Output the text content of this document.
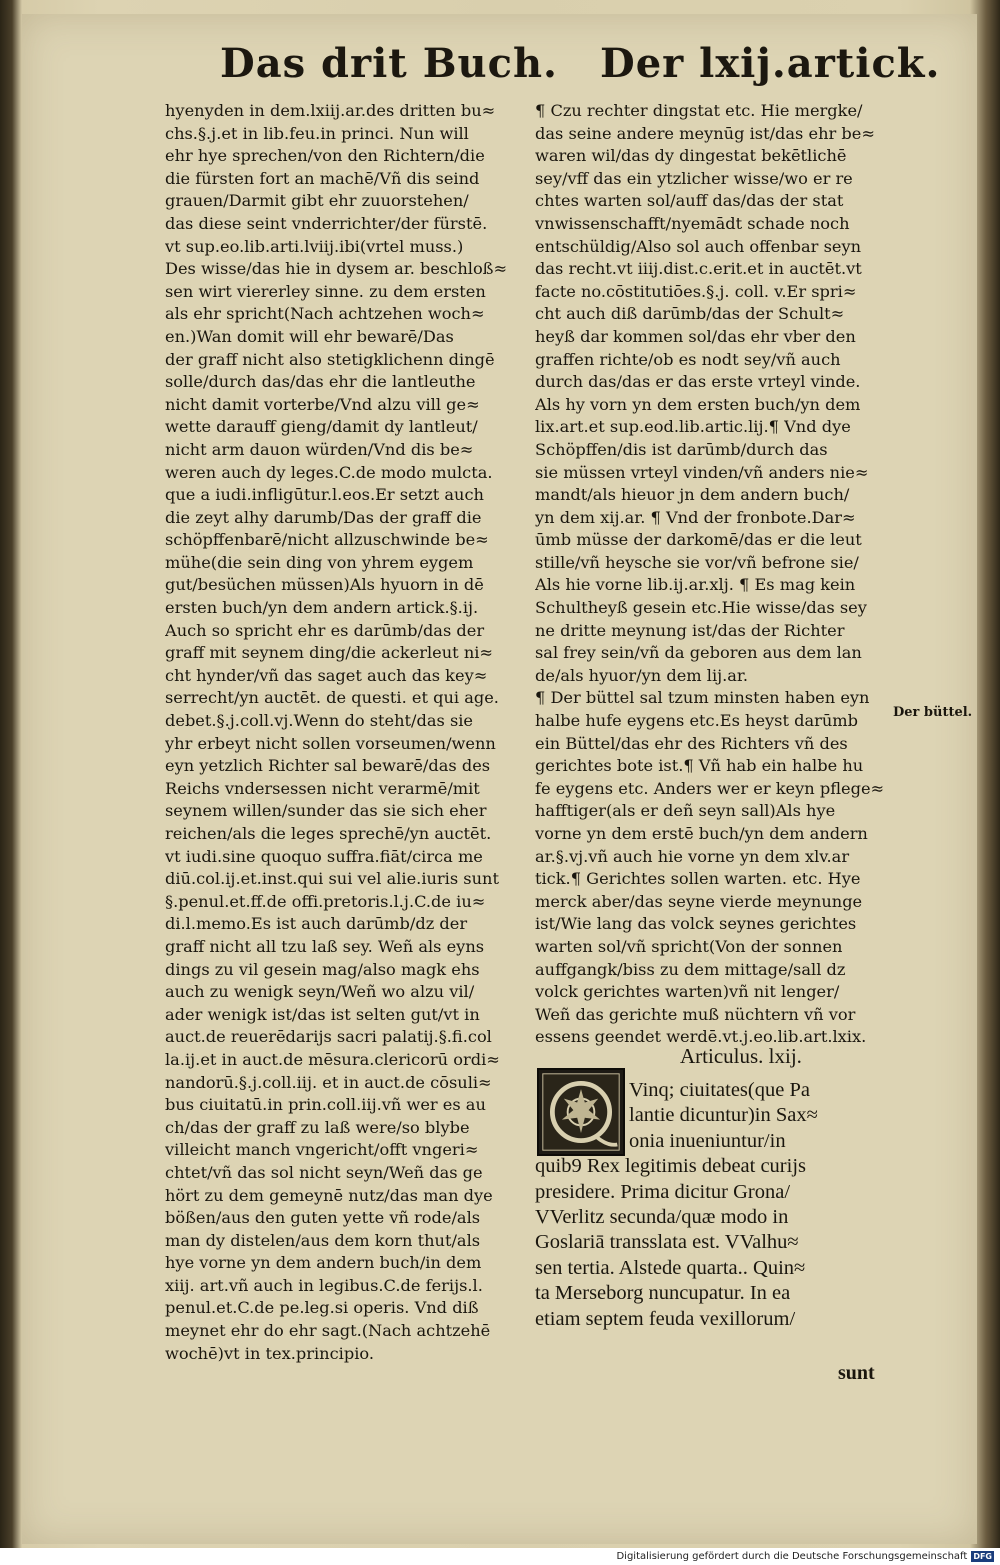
Das drit Buch. Der lxij.artick.
hyenyden in dem.lxiij.ar.des dritten bu≈
chs.§.j.et in lib.feu.in princi. Nun will
ehr hye sprechen/von den Richtern/die
die fürsten fort an machē/Vñ dis seind
grauen/Darmit gibt ehr zuuorstehen/
das diese seint vnderrichter/der fürstē.
vt sup.eo.lib.arti.lviij.ibi(vrtel muss.)
Des wisse/das hie in dysem ar. beschloß≈
sen wirt viererley sinne. zu dem ersten
als ehr spricht(Nach achtzehen woch≈
en.)Wan domit will ehr bewarē/Das
der graff nicht also stetigklichenn dingē
solle/durch das/das ehr die lantleuthe
nicht damit vorterbe/Vnd alzu vill ge≈
wette darauff gieng/damit dy lantleut/
nicht arm dauon würden/Vnd dis be≈
weren auch dy leges.C.de modo mulcta.
que a iudi.infligūtur.l.eos.Er setzt auch
die zeyt alhy darumb/Das der graff die
schöpffenbarē/nicht allzuschwinde be≈
mühe(die sein ding von yhrem eygem
gut/besüchen müssen)Als hyuorn in dē
ersten buch/yn dem andern artick.§.ij.
Auch so spricht ehr es darūmb/das der
graff mit seynem ding/die ackerleut ni≈
cht hynder/vñ das saget auch das key≈
serrecht/yn auctēt. de questi. et qui age.
debet.§.j.coll.vj.Wenn do steht/das sie
yhr erbeyt nicht sollen vorseumen/wenn
eyn yetzlich Richter sal bewarē/das des
Reichs vndersessen nicht verarmē/mit
seynem willen/sunder das sie sich eher
reichen/als die leges sprechē/yn auctēt.
vt iudi.sine quoquo suffra.fiāt/circa me
diū.col.ij.et.inst.qui sui vel alie.iuris sunt
§.penul.et.ff.de offi.pretoris.l.j.C.de iu≈
di.l.memo.Es ist auch darūmb/dz der
graff nicht all tzu laß sey. Weñ als eyns
dings zu vil gesein mag/also magk ehs
auch zu wenigk seyn/Weñ wo alzu vil/
ader wenigk ist/das ist selten gut/vt in
auct.de reuerēdarijs sacri palatij.§.fi.col
la.ij.et in auct.de mēsura.clericorū ordi≈
nandorū.§.j.coll.iij. et in auct.de cōsuli≈
bus ciuitatū.in prin.coll.iij.vñ wer es au
ch/das der graff zu laß were/so blybe
villeicht manch vngericht/offt vngeri≈
chtet/vñ das sol nicht seyn/Weñ das ge
hört zu dem gemeynē nutz/das man dye
bößen/aus den guten yette vñ rode/als
man dy distelen/aus dem korn thut/als
hye vorne yn dem andern buch/in dem
xiij. art.vñ auch in legibus.C.de ferijs.l.
penul.et.C.de pe.leg.si operis. Vnd diß
meynet ehr do ehr sagt.(Nach achtzehē
wochē)vt in tex.principio.
¶ Czu rechter dingstat etc. Hie mergke/
das seine andere meynūg ist/das ehr be≈
waren wil/das dy dingestat bekētlichē
sey/vff das ein ytzlicher wisse/wo er re
chtes warten sol/auff das/das der stat
vnwissenschafft/nyemādt schade noch
entschüldig/Also sol auch offenbar seyn
das recht.vt iiij.dist.c.erit.et in auctēt.vt
facte no.cōstitutiōes.§.j. coll. v.Er spri≈
cht auch diß darūmb/das der Schult≈
heyß dar kommen sol/das ehr vber den
graffen richte/ob es nodt sey/vñ auch
durch das/das er das erste vrteyl vinde.
Als hy vorn yn dem ersten buch/yn dem
lix.art.et sup.eod.lib.artic.lij.¶ Vnd dye
Schöpffen/dis ist darūmb/durch das
sie müssen vrteyl vinden/vñ anders nie≈
mandt/als hieuor jn dem andern buch/
yn dem xij.ar. ¶ Vnd der fronbote.Dar≈
ūmb müsse der darkomē/das er die leut
stille/vñ heysche sie vor/vñ befrone sie/
Als hie vorne lib.ij.ar.xlj. ¶ Es mag kein
Schultheyß gesein etc.Hie wisse/das sey
ne dritte meynung ist/das der Richter
sal frey sein/vñ da geboren aus dem lan
de/als hyuor/yn dem lij.ar.
¶ Der büttel sal tzum minsten haben eyn
halbe hufe eygens etc.Es heyst darūmb
ein Büttel/das ehr des Richters vñ des
gerichtes bote ist.¶ Vñ hab ein halbe hu
fe eygens etc. Anders wer er keyn pflege≈
hafftiger(als er deñ seyn sall)Als hye
vorne yn dem erstē buch/yn dem andern
ar.§.vj.vñ auch hie vorne yn dem xlv.ar
tick.¶ Gerichtes sollen warten. etc. Hye
merck aber/das seyne vierde meynunge
ist/Wie lang das volck seynes gerichtes
warten sol/vñ spricht(Von der sonnen
auffgangk/biss zu dem mittage/sall dz
volck gerichtes warten)vñ nit lenger/
Weñ das gerichte muß nüchtern vñ vor
essens geendet werdē.vt.j.eo.lib.art.lxix.
Der büttel.
Articulus. lxij.
Vinq; ciuitates(que Pa
lantie dicuntur)in Sax≈
onia inueniuntur/in
quib9 Rex legitimis debeat curijs
presidere. Prima dicitur Grona/
VVerlitz secunda/quæ modo in
Goslariā transslata est. VValhu≈
sen tertia. Alstede quarta.. Quin≈
ta Merseborg nuncupatur. In ea
etiam septem feuda vexillorum/
sunt
Digitalisierung gefördert durch die Deutsche Forschungsgemeinschaft DFG
